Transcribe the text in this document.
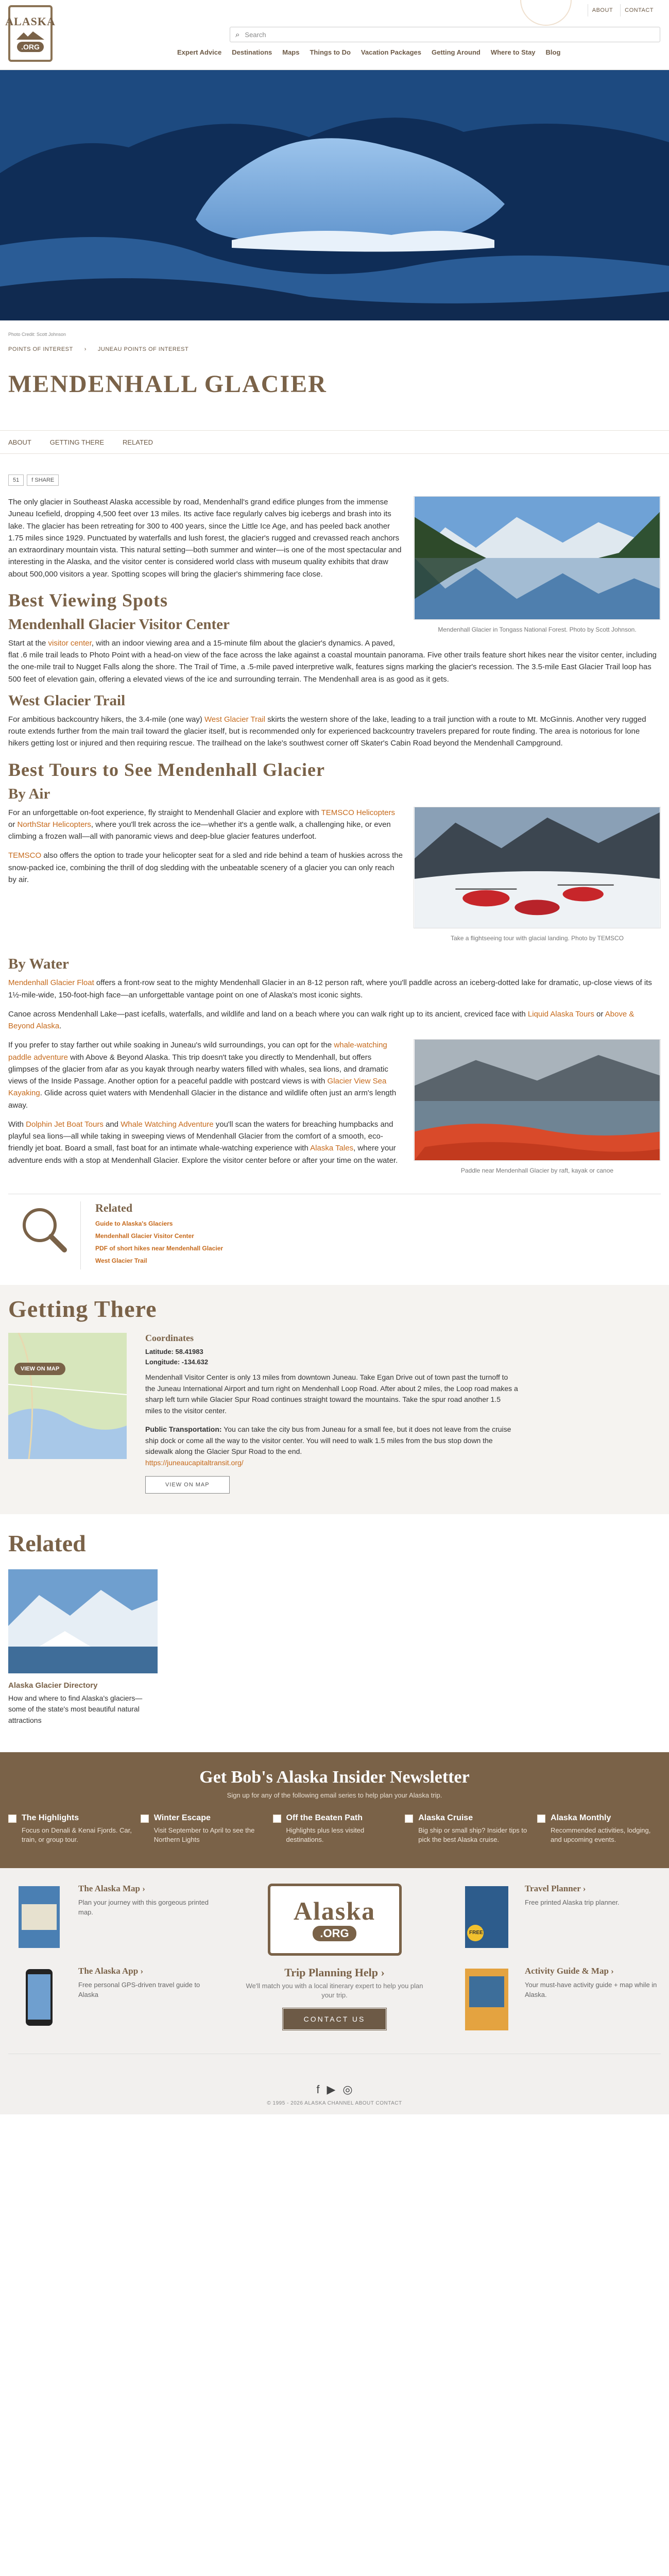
ALASKA
.ORG
ABOUT	CONTACT
⌕ Search
Expert Advice Destinations Maps Things to Do Vacation Packages Getting Around Where to Stay Blog
Photo Credit: Scott Johnson
POINTS OF INTEREST › JUNEAU POINTS OF INTEREST
MENDENHALL GLACIER
ABOUT	GETTING THERE	RELATED
51	f SHARE
Mendenhall Glacier in Tongass National Forest. Photo by Scott Johnson.

The only glacier in Southeast Alaska accessible by road, Mendenhall's grand edifice plunges from the immense Juneau Icefield, dropping 4,500 feet over 13 miles. Its active face regularly calves big icebergs and brash into its lake. The glacier has been retreating for 300 to 400 years, since the Little Ice Age, and has peeled back another 1.75 miles since 1929. Punctuated by waterfalls and lush forest, the glacier's rugged and crevassed reach anchors an extraordinary mountain vista. This natural setting—both summer and winter—is one of the most spectacular and interesting in the Alaska, and the visitor center is considered world class with museum quality exhibits that draw about 500,000 visitors a year. Spotting scopes will bring the glacier's shimmering face close.

Best Viewing Spots
Mendenhall Glacier Visitor Center

Start at the visitor center, with an indoor viewing area and a 15-minute film about the glacier's dynamics. A paved, flat .6 mile trail leads to Photo Point with a head-on view of the face across the lake against a coastal mountain panorama. Five other trails feature short hikes near the visitor center, including the one-mile trail to Nugget Falls along the shore. The Trail of Time, a .5-mile paved interpretive walk, features signs marking the glacier's recession. The 3.5-mile East Glacier Trail loop has 500 feet of elevation gain, offering a elevated views of the ice and surrounding terrain. The Mendenhall area is as good as it gets.

West Glacier Trail

For ambitious backcountry hikers, the 3.4-mile (one way) West Glacier Trail skirts the western shore of the lake, leading to a trail junction with a route to Mt. McGinnis. Another very rugged route extends further from the main trail toward the glacier itself, but is recommended only for experienced backcountry travelers prepared for route finding. The area is notorious for lone hikers getting lost or injured and then requiring rescue. The trailhead on the lake's southwest corner off Skater's Cabin Road beyond the Mendenhall Campground.

Best Tours to See Mendenhall Glacier
By Air
Take a flightseeing tour with glacial landing. Photo by TEMSCO

For an unforgettable on-foot experience, fly straight to Mendenhall Glacier and explore with TEMSCO Helicopters or NorthStar Helicopters, where you'll trek across the ice—whether it's a gentle walk, a challenging hike, or even climbing a frozen wall—all with panoramic views and deep-blue glacier features underfoot.

TEMSCO also offers the option to trade your helicopter seat for a sled and ride behind a team of huskies across the snow-packed ice, combining the thrill of dog sledding with the unbeatable scenery of a glacier you can only reach by air.

By Water

Mendenhall Glacier Float offers a front-row seat to the mighty Mendenhall Glacier in an 8-12 person raft, where you'll paddle across an iceberg-dotted lake for dramatic, up-close views of its 1½-mile-wide, 150-foot-high face—an unforgettable vantage point on one of Alaska's most iconic sights.

Canoe across Mendenhall Lake—past icefalls, waterfalls, and wildlife and land on a beach where you can walk right up to its ancient, creviced face with Liquid Alaska Tours or Above & Beyond Alaska.

Paddle near Mendenhall Glacier by raft, kayak or canoe

If you prefer to stay farther out while soaking in Juneau's wild surroundings, you can opt for the whale-watching paddle adventure with Above & Beyond Alaska. This trip doesn't take you directly to Mendenhall, but offers glimpses of the glacier from afar as you kayak through nearby waters filled with whales, sea lions, and dramatic views of the Inside Passage. Another option for a peaceful paddle with postcard views is with Glacier View Sea Kayaking. Glide across quiet waters with Mendenhall Glacier in the distance and wildlife often just an arm's length away.

With Dolphin Jet Boat Tours and Whale Watching Adventure you'll scan the waters for breaching humpbacks and playful sea lions—all while taking in sweeping views of Mendenhall Glacier from the comfort of a smooth, eco-friendly jet boat. Board a small, fast boat for an intimate whale-watching experience with Alaska Tales, where your adventure ends with a stop at Mendenhall Glacier. Explore the visitor center before or after your time on the water.

Related
Guide to Alaska's Glaciers
Mendenhall Glacier Visitor Center
PDF of short hikes near Mendenhall Glacier
West Glacier Trail
Getting There
VIEW ON MAP
Coordinates
Latitude: 58.41983
Longitude: -134.632

Mendenhall Visitor Center is only 13 miles from downtown Juneau. Take Egan Drive out of town past the turnoff to the Juneau International Airport and turn right on Mendenhall Loop Road. After about 2 miles, the Loop road makes a sharp left turn while Glacier Spur Road continues straight toward the mountains. Take the spur road another 1.5 miles to the visitor center.

Public Transportation: You can take the city bus from Juneau for a small fee, but it does not leave from the cruise ship dock or come all the way to the visitor center. You will need to walk 1.5 miles from the bus stop down the sidewalk along the Glacier Spur Road to the end.
https://juneaucapitaltransit.org/

VIEW ON MAP
Related
Alaska Glacier Directory

How and where to find Alaska's glaciers— some of the state's most beautiful natural attractions

Get Bob's Alaska Insider Newsletter
Sign up for any of the following email series to help plan your Alaska trip.
The Highlights

Focus on Denali & Kenai Fjords. Car, train, or group tour.

Winter Escape

Visit September to April to see the Northern Lights

Off the Beaten Path

Highlights plus less visited destinations.

Alaska Cruise

Big ship or small ship? Insider tips to pick the best Alaska cruise.

Alaska Monthly

Recommended activities, lodging, and upcoming events.

The Alaska Map ›

Plan your journey with this gorgeous printed map.

The Alaska App ›

Free personal GPS-driven travel guide to Alaska

Alaska
.ORG
Trip Planning Help ›

We'll match you with a local itinerary expert to help you plan your trip.

CONTACT US
FREE
Travel Planner ›

Free printed Alaska trip planner.

Activity Guide & Map ›

Your must-have activity guide + map while in Alaska.

f ▶ ◎
© 1995 - 2026 ALASKA CHANNEL ABOUT CONTACT
